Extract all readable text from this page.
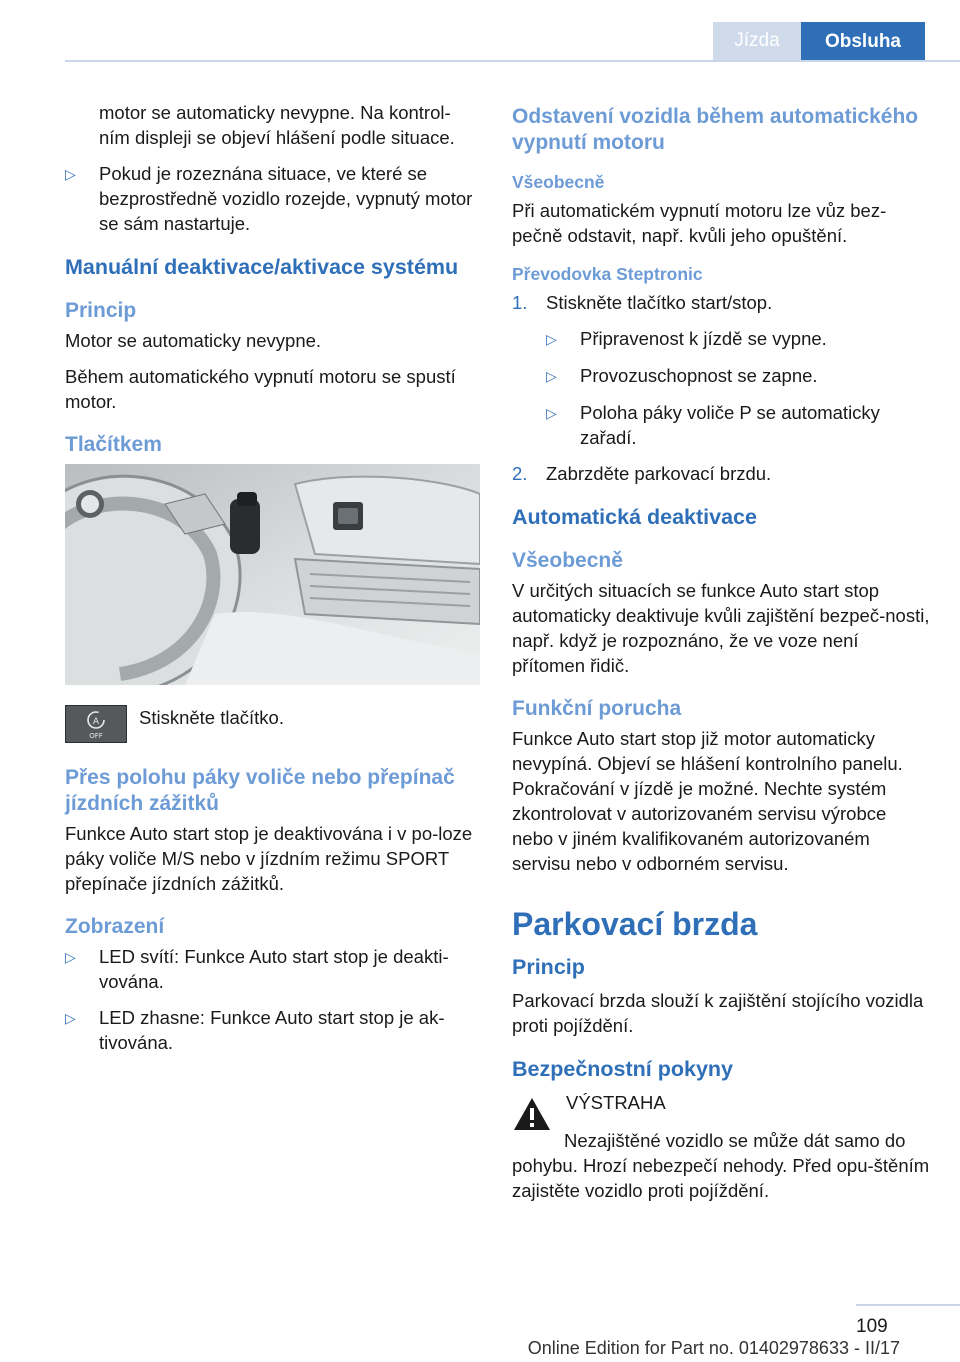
Jízda	Obsluha

motor se automaticky nevypne. Na kontrol‐ním displeji se objeví hlášení podle situace.

▷	Pokud je rozeznána situace, ve které se bezprostředně vozidlo rozejde, vypnutý motor se sám nastartuje.
Manuální deaktivace/aktivace systému
Princip

Motor se automaticky nevypne.

Během automatického vypnutí motoru se spustí motor.

Tlačítkem
A
OFF
Stiskněte tlačítko.
Přes polohu páky voliče nebo přepínač jízdních zážitků

Funkce Auto start stop je deaktivována i v po‐loze páky voliče M/S nebo v jízdním režimu SPORT přepínače jízdních zážitků.

Zobrazení
▷	LED svítí: Funkce Auto start stop je deakti‐vována.
▷	LED zhasne: Funkce Auto start stop je ak‐tivována.
Odstavení vozidla během automatického vypnutí motoru
Všeobecně

Při automatickém vypnutí motoru lze vůz bez‐pečně odstavit, např. kvůli jeho opuštění.

Převodovka Steptronic
1.	Stiskněte tlačítko start/stop.
▷	Připravenost k jízdě se vypne.
▷	Provozuschopnost se zapne.
▷	Poloha páky voliče P se automaticky zařadí.
2.	Zabrzděte parkovací brzdu.
Automatická deaktivace
Všeobecně

V určitých situacích se funkce Auto start stop automaticky deaktivuje kvůli zajištění bezpeč‐nosti, např. když je rozpoznáno, že ve voze není přítomen řidič.

Funkční porucha

Funkce Auto start stop již motor automaticky nevypíná. Objeví se hlášení kontrolního panelu. Pokračování v jízdě je možné. Nechte systém zkontrolovat v autorizovaném servisu výrobce nebo v jiném kvalifikovaném autorizovaném servisu nebo v odborném servisu.

Parkovací brzda
Princip

Parkovací brzda slouží k zajištění stojícího vozidla proti pojíždění.

Bezpečnostní pokyny

VÝSTRAHA

Nezajištěné vozidlo se může dát samo do pohybu. Hrozí nebezpečí nehody. Před opu‐štěním zajistěte vozidlo proti pojíždění.

109
Online Edition for Part no. 01402978633 - II/17
